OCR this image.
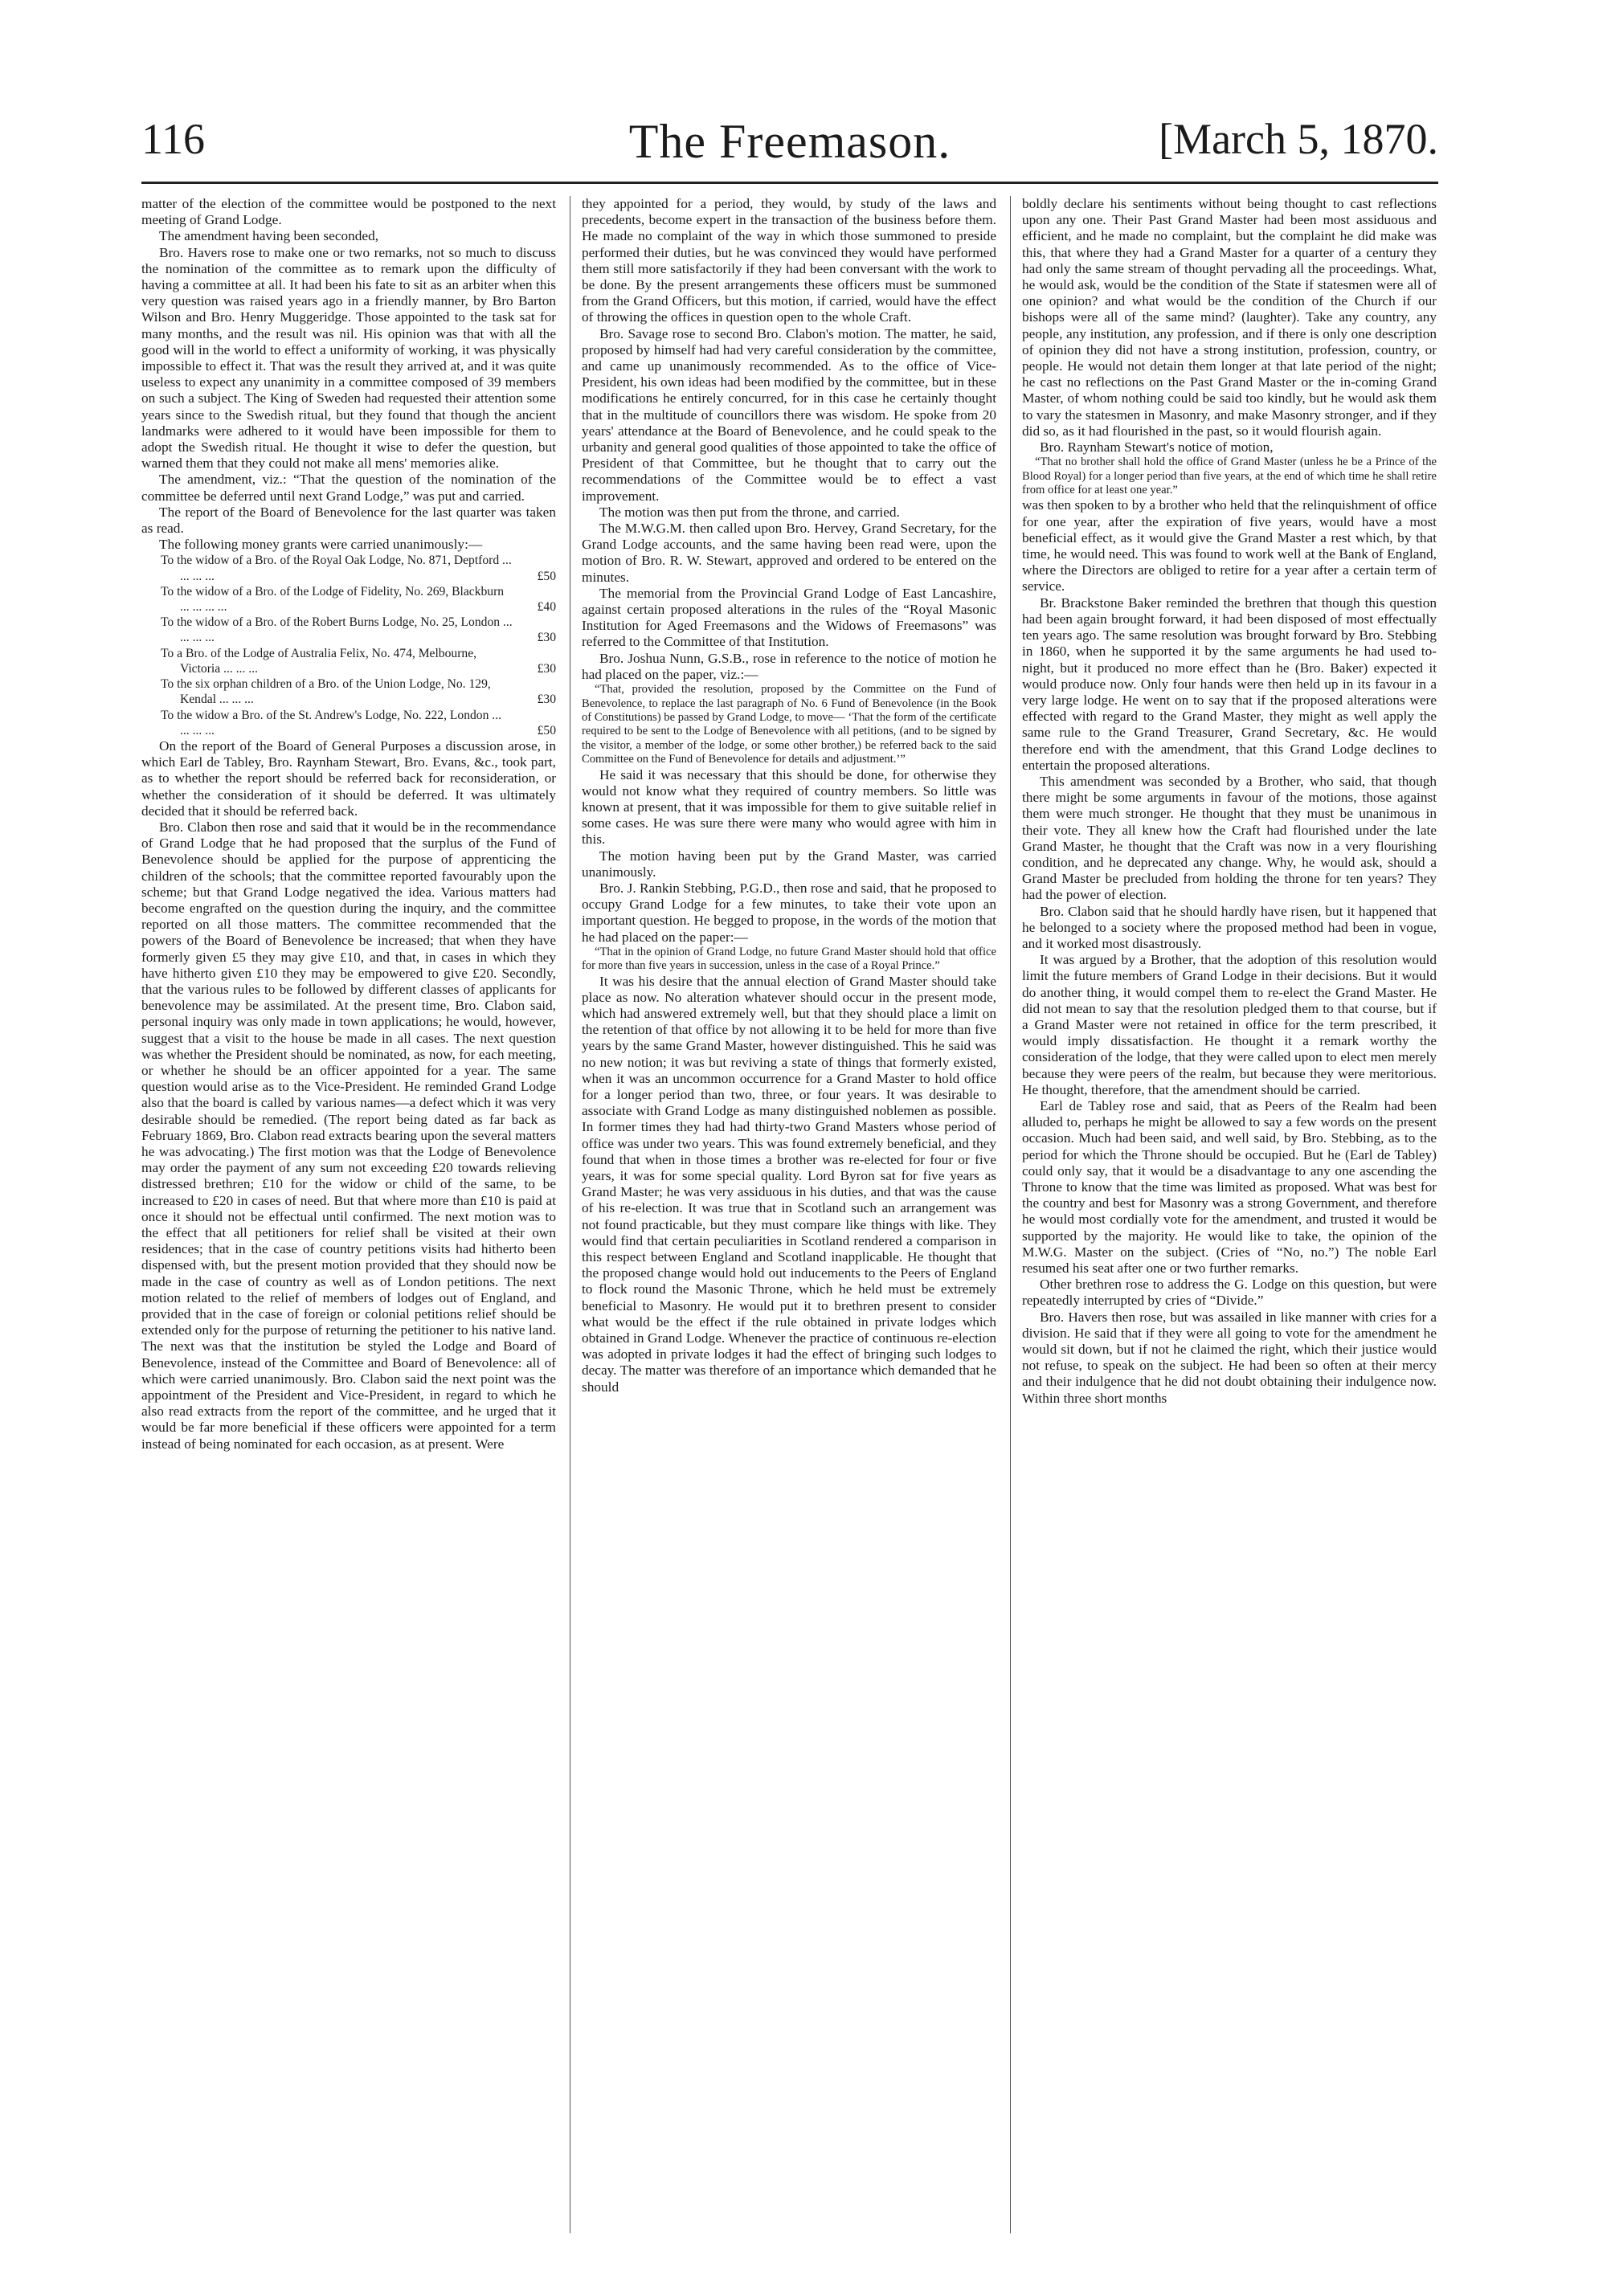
116	The Freemason.	[March 5, 1870.

matter of the election of the committee would be postponed to the next meeting of Grand Lodge.

The amendment having been seconded,

Bro. Havers rose to make one or two remarks, not so much to discuss the nomination of the committee as to remark upon the difficulty of having a committee at all. It had been his fate to sit as an arbiter when this very question was raised years ago in a friendly manner, by Bro Barton Wilson and Bro. Henry Muggeridge. Those appointed to the task sat for many months, and the result was nil. His opinion was that with all the good will in the world to effect a uniformity of working, it was physically impossible to effect it. That was the result they arrived at, and it was quite useless to expect any unanimity in a committee composed of 39 members on such a subject. The King of Sweden had requested their attention some years since to the Swedish ritual, but they found that though the ancient landmarks were adhered to it would have been impossible for them to adopt the Swedish ritual. He thought it wise to defer the question, but warned them that they could not make all mens' memories alike.

The amendment, viz.: “That the question of the nomination of the committee be deferred until next Grand Lodge,” was put and carried.

The report of the Board of Benevolence for the last quarter was taken as read.

The following money grants were carried unanimously:—

To the widow of a Bro. of the Royal Oak Lodge, No. 871, Deptford ... ... ... ...	£50
To the widow of a Bro. of the Lodge of Fidelity, No. 269, Blackburn ... ... ... ...	£40
To the widow of a Bro. of the Robert Burns Lodge, No. 25, London ... ... ... ...	£30
To a Bro. of the Lodge of Australia Felix, No. 474, Melbourne, Victoria ... ... ...	£30
To the six orphan children of a Bro. of the Union Lodge, No. 129, Kendal ... ... ...	£30
To the widow a Bro. of the St. Andrew's Lodge, No. 222, London ... ... ... ...	£50

On the report of the Board of General Purposes a discussion arose, in which Earl de Tabley, Bro. Raynham Stewart, Bro. Evans, &c., took part, as to whether the report should be referred back for reconsideration, or whether the consideration of it should be deferred. It was ultimately decided that it should be referred back.

Bro. Clabon then rose and said that it would be in the recommendance of Grand Lodge that he had proposed that the surplus of the Fund of Benevolence should be applied for the purpose of apprenticing the children of the schools; that the committee reported favourably upon the scheme; but that Grand Lodge negatived the idea. Various matters had become engrafted on the question during the inquiry, and the committee reported on all those matters. The committee recommended that the powers of the Board of Benevolence be increased; that when they have formerly given £5 they may give £10, and that, in cases in which they have hitherto given £10 they may be empowered to give £20. Secondly, that the various rules to be followed by different classes of applicants for benevolence may be assimilated. At the present time, Bro. Clabon said, personal inquiry was only made in town applications; he would, however, suggest that a visit to the house be made in all cases. The next question was whether the President should be nominated, as now, for each meeting, or whether he should be an officer appointed for a year. The same question would arise as to the Vice-President. He reminded Grand Lodge also that the board is called by various names—a defect which it was very desirable should be remedied. (The report being dated as far back as February 1869, Bro. Clabon read extracts bearing upon the several matters he was advocating.) The first motion was that the Lodge of Benevolence may order the payment of any sum not exceeding £20 towards relieving distressed brethren; £10 for the widow or child of the same, to be increased to £20 in cases of need. But that where more than £10 is paid at once it should not be effectual until confirmed. The next motion was to the effect that all petitioners for relief shall be visited at their own residences; that in the case of country petitions visits had hitherto been dispensed with, but the present motion provided that they should now be made in the case of country as well as of London petitions. The next motion related to the relief of members of lodges out of England, and provided that in the case of foreign or colonial petitions relief should be extended only for the purpose of returning the petitioner to his native land. The next was that the institution be styled the Lodge and Board of Benevolence, instead of the Committee and Board of Benevolence: all of which were carried unanimously. Bro. Clabon said the next point was the appointment of the President and Vice-President, in regard to which he also read extracts from the report of the committee, and he urged that it would be far more beneficial if these officers were appointed for a term instead of being nominated for each occasion, as at present. Were

they appointed for a period, they would, by study of the laws and precedents, become expert in the transaction of the business before them. He made no complaint of the way in which those summoned to preside performed their duties, but he was convinced they would have performed them still more satisfactorily if they had been conversant with the work to be done. By the present arrangements these officers must be summoned from the Grand Officers, but this motion, if carried, would have the effect of throwing the offices in question open to the whole Craft.

Bro. Savage rose to second Bro. Clabon's motion. The matter, he said, proposed by himself had had very careful consideration by the committee, and came up unanimously recommended. As to the office of Vice-President, his own ideas had been modified by the committee, but in these modifications he entirely concurred, for in this case he certainly thought that in the multitude of councillors there was wisdom. He spoke from 20 years' attendance at the Board of Benevolence, and he could speak to the urbanity and general good qualities of those appointed to take the office of President of that Committee, but he thought that to carry out the recommendations of the Committee would be to effect a vast improvement.

The motion was then put from the throne, and carried.

The M.W.G.M. then called upon Bro. Hervey, Grand Secretary, for the Grand Lodge accounts, and the same having been read were, upon the motion of Bro. R. W. Stewart, approved and ordered to be entered on the minutes.

The memorial from the Provincial Grand Lodge of East Lancashire, against certain proposed alterations in the rules of the “Royal Masonic Institution for Aged Freemasons and the Widows of Freemasons” was referred to the Committee of that Institution.

Bro. Joshua Nunn, G.S.B., rose in reference to the notice of motion he had placed on the paper, viz.:—

“That, provided the resolution, proposed by the Committee on the Fund of Benevolence, to replace the last paragraph of No. 6 Fund of Benevolence (in the Book of Constitutions) be passed by Grand Lodge, to move— ‘That the form of the certificate required to be sent to the Lodge of Benevolence with all petitions, (and to be signed by the visitor, a member of the lodge, or some other brother,) be referred back to the said Committee on the Fund of Benevolence for details and adjustment.’”

He said it was necessary that this should be done, for otherwise they would not know what they required of country members. So little was known at present, that it was impossible for them to give suitable relief in some cases. He was sure there were many who would agree with him in this.

The motion having been put by the Grand Master, was carried unanimously.

Bro. J. Rankin Stebbing, P.G.D., then rose and said, that he proposed to occupy Grand Lodge for a few minutes, to take their vote upon an important question. He begged to propose, in the words of the motion that he had placed on the paper:—

“That in the opinion of Grand Lodge, no future Grand Master should hold that office for more than five years in succession, unless in the case of a Royal Prince.”

It was his desire that the annual election of Grand Master should take place as now. No alteration whatever should occur in the present mode, which had answered extremely well, but that they should place a limit on the retention of that office by not allowing it to be held for more than five years by the same Grand Master, however distinguished. This he said was no new notion; it was but reviving a state of things that formerly existed, when it was an uncommon occurrence for a Grand Master to hold office for a longer period than two, three, or four years. It was desirable to associate with Grand Lodge as many distinguished noblemen as possible. In former times they had had thirty-two Grand Masters whose period of office was under two years. This was found extremely beneficial, and they found that when in those times a brother was re-elected for four or five years, it was for some special quality. Lord Byron sat for five years as Grand Master; he was very assiduous in his duties, and that was the cause of his re-election. It was true that in Scotland such an arrangement was not found practicable, but they must compare like things with like. They would find that certain peculiarities in Scotland rendered a comparison in this respect between England and Scotland inapplicable. He thought that the proposed change would hold out inducements to the Peers of England to flock round the Masonic Throne, which he held must be extremely beneficial to Masonry. He would put it to brethren present to consider what would be the effect if the rule obtained in private lodges which obtained in Grand Lodge. Whenever the practice of continuous re-election was adopted in private lodges it had the effect of bringing such lodges to decay. The matter was therefore of an importance which demanded that he should

boldly declare his sentiments without being thought to cast reflections upon any one. Their Past Grand Master had been most assiduous and efficient, and he made no complaint, but the complaint he did make was this, that where they had a Grand Master for a quarter of a century they had only the same stream of thought pervading all the proceedings. What, he would ask, would be the condition of the State if statesmen were all of one opinion? and what would be the condition of the Church if our bishops were all of the same mind? (laughter). Take any country, any people, any institution, any profession, and if there is only one description of opinion they did not have a strong institution, profession, country, or people. He would not detain them longer at that late period of the night; he cast no reflections on the Past Grand Master or the in-coming Grand Master, of whom nothing could be said too kindly, but he would ask them to vary the statesmen in Masonry, and make Masonry stronger, and if they did so, as it had flourished in the past, so it would flourish again.

Bro. Raynham Stewart's notice of motion,

“That no brother shall hold the office of Grand Master (unless he be a Prince of the Blood Royal) for a longer period than five years, at the end of which time he shall retire from office for at least one year.”

was then spoken to by a brother who held that the relinquishment of office for one year, after the expiration of five years, would have a most beneficial effect, as it would give the Grand Master a rest which, by that time, he would need. This was found to work well at the Bank of England, where the Directors are obliged to retire for a year after a certain term of service.

Br. Brackstone Baker reminded the brethren that though this question had been again brought forward, it had been disposed of most effectually ten years ago. The same resolution was brought forward by Bro. Stebbing in 1860, when he supported it by the same arguments he had used to-night, but it produced no more effect than he (Bro. Baker) expected it would produce now. Only four hands were then held up in its favour in a very large lodge. He went on to say that if the proposed alterations were effected with regard to the Grand Master, they might as well apply the same rule to the Grand Treasurer, Grand Secretary, &c. He would therefore end with the amendment, that this Grand Lodge declines to entertain the proposed alterations.

This amendment was seconded by a Brother, who said, that though there might be some arguments in favour of the motions, those against them were much stronger. He thought that they must be unanimous in their vote. They all knew how the Craft had flourished under the late Grand Master, he thought that the Craft was now in a very flourishing condition, and he deprecated any change. Why, he would ask, should a Grand Master be precluded from holding the throne for ten years? They had the power of election.

Bro. Clabon said that he should hardly have risen, but it happened that he belonged to a society where the proposed method had been in vogue, and it worked most disastrously.

It was argued by a Brother, that the adoption of this resolution would limit the future members of Grand Lodge in their decisions. But it would do another thing, it would compel them to re-elect the Grand Master. He did not mean to say that the resolution pledged them to that course, but if a Grand Master were not retained in office for the term prescribed, it would imply dissatisfaction. He thought it a remark worthy the consideration of the lodge, that they were called upon to elect men merely because they were peers of the realm, but because they were meritorious. He thought, therefore, that the amendment should be carried.

Earl de Tabley rose and said, that as Peers of the Realm had been alluded to, perhaps he might be allowed to say a few words on the present occasion. Much had been said, and well said, by Bro. Stebbing, as to the period for which the Throne should be occupied. But he (Earl de Tabley) could only say, that it would be a disadvantage to any one ascending the Throne to know that the time was limited as proposed. What was best for the country and best for Masonry was a strong Government, and therefore he would most cordially vote for the amendment, and trusted it would be supported by the majority. He would like to take, the opinion of the M.W.G. Master on the subject. (Cries of “No, no.”) The noble Earl resumed his seat after one or two further remarks.

Other brethren rose to address the G. Lodge on this question, but were repeatedly interrupted by cries of “Divide.”

Bro. Havers then rose, but was assailed in like manner with cries for a division. He said that if they were all going to vote for the amendment he would sit down, but if not he claimed the right, which their justice would not refuse, to speak on the subject. He had been so often at their mercy and their indulgence that he did not doubt obtaining their indulgence now. Within three short months
